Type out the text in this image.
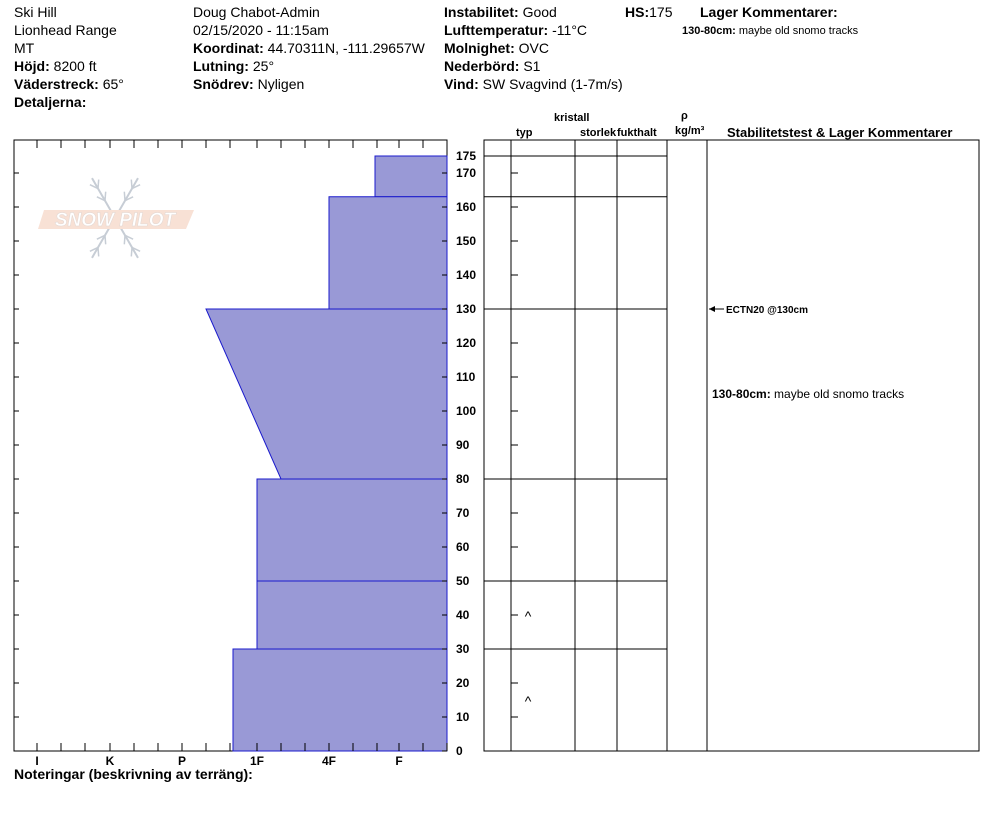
Ski Hill
Lionhead Range
MT
Höjd: 8200 ft
Väderstreck: 65°
Detaljerna:
Doug Chabot-Admin
02/15/2020 - 11:15am
Koordinat: 44.70311N, -111.29657W
Lutning: 25°
Snödrev: Nyligen
Instabilitet: Good
Lufttemperatur: -11°C
Molnighet: OVC
Nederbörd: S1
Vind: SW Svagvind (1-7m/s)
HS:175 Lager Kommentarer:
130-80cm: maybe old snomo tracks
kristall
typ	storlek fukthalt
ρ
kg/m³ Stabilitetstest & Lager Kommentarer
Noteringar (beskrivning av terräng):
SNOW PILOT
I	K	P	1F	4F	F
0
10
20
30
40
50
60
70
80
90
100
110
120
130
140
150
160
170
175
^
^
ECTN20 @130cm
130-80cm: maybe old snomo tracks
